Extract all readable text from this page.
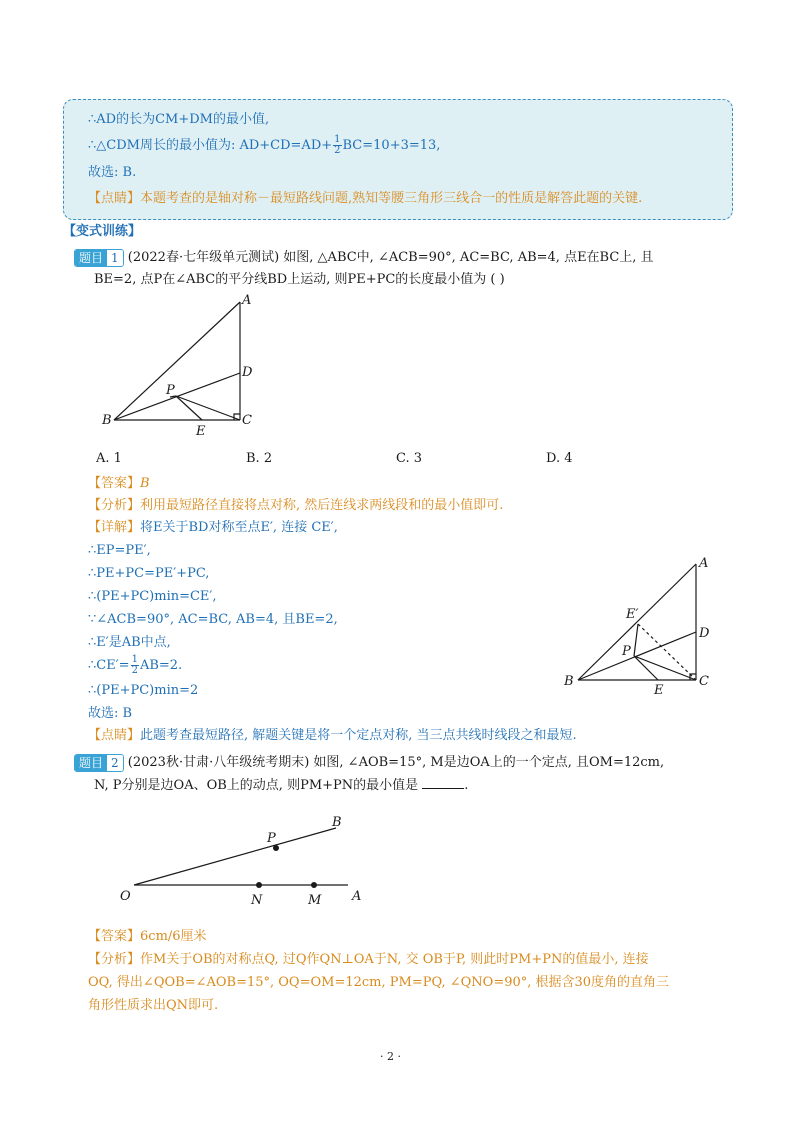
∴AD的长为CM+DM的最小值,
∴△CDM周长的最小值为: $AD+CD=AD+ \frac{1}{2} BC=10+3=13$,
故选: B.
【点睛】本题考查的是轴对称－最短路线问题,熟知等腰三角形三线合一的性质是解答此题的关键.
【变式训练】
题目 1 (2022春·七年级单元测试) 如图, △ABC中, ∠ACB=90°, AC=BC, AB=4, 点E在BC上, 且
BE=2, 点P在∠ABC的平分线BD上运动, 则PE+PC的长度最小值为 ( )
A
B	C
D
E
P
A. 1	B. 2	C. 3	D. 4
【答案】B
【分析】利用最短路径直接将点对称, 然后连线求两线段和的最小值即可.
【详解】将E关于BD对称至点E′, 连接 CE′,
∴EP=PE′,
∴PE+PC=PE′+PC,
∴(PE+PC)min=CE′,
∵∠ACB=90°, AC=BC, AB=4, 且BE=2,
∴E′是AB中点,
∴CE′= $\frac{1}{2} AB=2$.
∴(PE+PC)min=2
故选: B
A
B	C
D
E
P
E′
【点睛】此题考查最短路径, 解题关键是将一个定点对称, 当三点共线时线段之和最短.
题目 2 (2023秋·甘肃·八年级统考期末) 如图, ∠AOB=15°, M是边OA上的一个定点, 且OM=12cm,
N, P分别是边OA、OB上的动点, 则PM+PN的最小值是	.
O	A
B
P
N	M
【答案】6cm/6厘米
【分析】作M关于OB的对称点Q, 过Q作QN⊥OA于N, 交 OB于P, 则此时PM+PN的值最小, 连接
OQ, 得出∠QOB=∠AOB=15°, OQ=OM=12cm, PM=PQ, ∠QNO=90°, 根据含30度角的直角三
角形性质求出QN即可.
· 2 ·
